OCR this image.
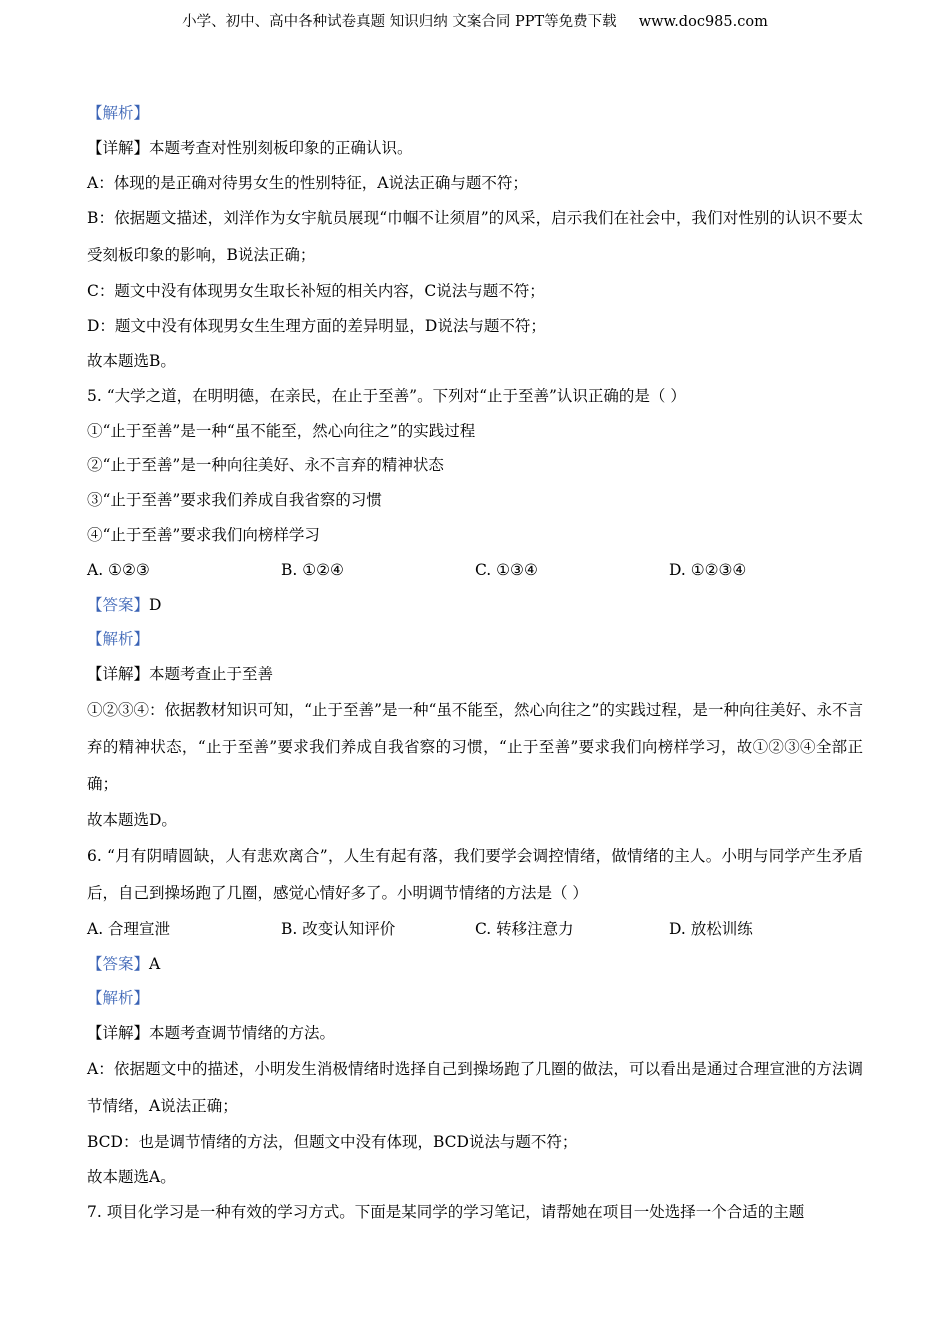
小学、初中、高中各种试卷真题 知识归纳 文案合同 PPT等免费下载 www.doc985.com
【解析】
【详解】本题考查对性别刻板印象的正确认识。
A：体现的是正确对待男女生的性别特征，A说法正确与题不符；
B：依据题文描述，刘洋作为女宇航员展现“巾帼不让须眉”的风采，启示我们在社会中，我们对性别的认识不要太受刻板印象的影响，B说法正确；
C：题文中没有体现男女生取长补短的相关内容，C说法与题不符；
D：题文中没有体现男女生生理方面的差异明显，D说法与题不符；
故本题选B。
5. “大学之道，在明明德，在亲民，在止于至善”。下列对“止于至善”认识正确的是（ ）
①“止于至善”是一种“虽不能至，然心向往之”的实践过程
②“止于至善”是一种向往美好、永不言弃的精神状态
③“止于至善”要求我们养成自我省察的习惯
④“止于至善”要求我们向榜样学习
A. ①②③	B. ①②④	C. ①③④	D. ①②③④
【答案】D
【解析】
【详解】本题考查止于至善
①②③④：依据教材知识可知，“止于至善”是一种“虽不能至，然心向往之”的实践过程，是一种向往美好、永不言弃的精神状态，“止于至善”要求我们养成自我省察的习惯，“止于至善”要求我们向榜样学习，故①②③④全部正确；
故本题选D。
6. “月有阴晴圆缺，人有悲欢离合”，人生有起有落，我们要学会调控情绪，做情绪的主人。小明与同学产生矛盾后，自己到操场跑了几圈，感觉心情好多了。小明调节情绪的方法是（ ）
A. 合理宣泄	B. 改变认知评价	C. 转移注意力	D. 放松训练
【答案】A
【解析】
【详解】本题考查调节情绪的方法。
A：依据题文中的描述，小明发生消极情绪时选择自己到操场跑了几圈的做法，可以看出是通过合理宣泄的方法调节情绪，A说法正确；
BCD：也是调节情绪的方法，但题文中没有体现，BCD说法与题不符；
故本题选A。
7. 项目化学习是一种有效的学习方式。下面是某同学的学习笔记，请帮她在项目一处选择一个合适的主题
